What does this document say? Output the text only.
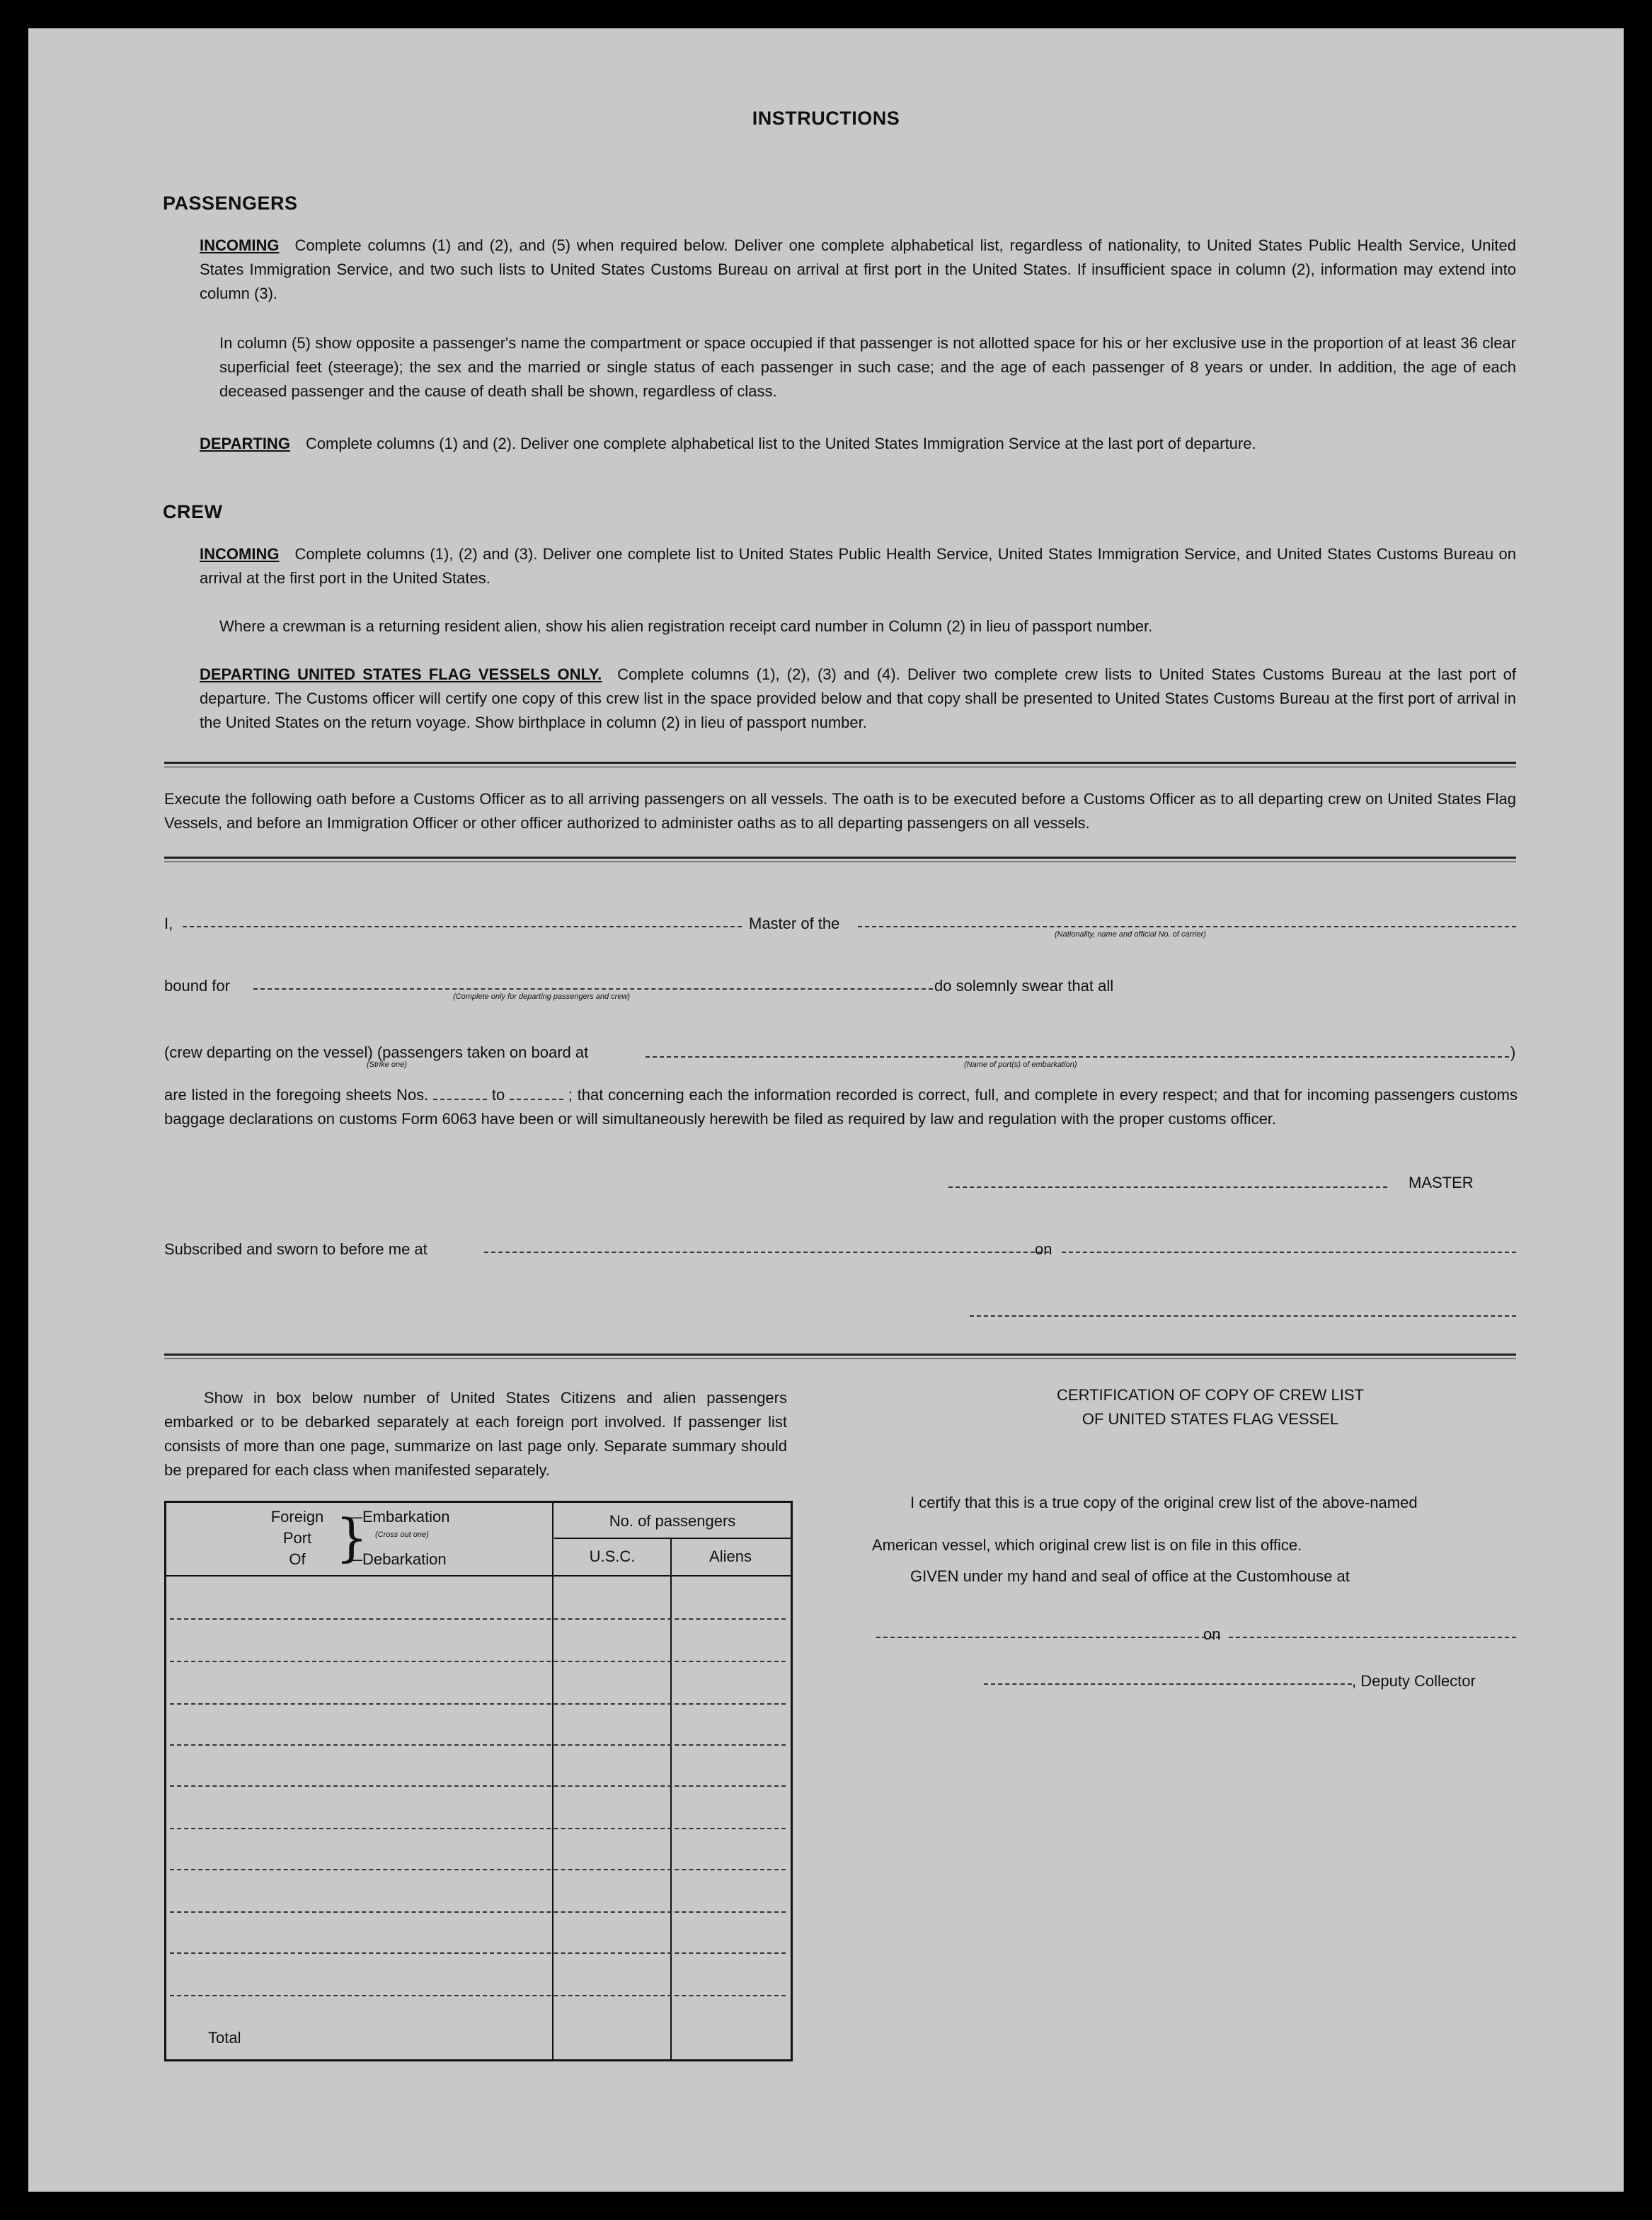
INSTRUCTIONS
PASSENGERS
INCOMING Complete columns (1) and (2), and (5) when required below. Deliver one complete alphabetical list, regardless of nationality, to United States Public Health Service, United States Immigration Service, and two such lists to United States Customs Bureau on arrival at first port in the United States. If insufficient space in column (2), information may extend into column (3).
In column (5) show opposite a passenger's name the compartment or space occupied if that passenger is not allotted space for his or her exclusive use in the proportion of at least 36 clear superficial feet (steerage); the sex and the married or single status of each passenger in such case; and the age of each passenger of 8 years or under. In addition, the age of each deceased passenger and the cause of death shall be shown, regardless of class.
DEPARTING Complete columns (1) and (2). Deliver one complete alphabetical list to the United States Immigration Service at the last port of departure.
CREW
INCOMING Complete columns (1), (2) and (3). Deliver one complete list to United States Public Health Service, United States Immigration Service, and United States Customs Bureau on arrival at the first port in the United States.
Where a crewman is a returning resident alien, show his alien registration receipt card number in Column (2) in lieu of passport number.
DEPARTING UNITED STATES FLAG VESSELS ONLY. Complete columns (1), (2), (3) and (4). Deliver two complete crew lists to United States Customs Bureau at the last port of departure. The Customs officer will certify one copy of this crew list in the space provided below and that copy shall be presented to United States Customs Bureau at the first port of arrival in the United States on the return voyage. Show birthplace in column (2) in lieu of passport number.
Execute the following oath before a Customs Officer as to all arriving passengers on all vessels. The oath is to be executed before a Customs Officer as to all departing crew on United States Flag Vessels, and before an Immigration Officer or other officer authorized to administer oaths as to all departing passengers on all vessels.
I,	Master of the
(Nationality, name and official No. of carrier)
bound for
(Complete only for departing passengers and crew)
do solemnly swear that all
(crew departing on the vessel) (passengers taken on board at
(Strike one)	(Name of port(s) of embarkation)
)
are listed in the foregoing sheets Nos.	to	; that concerning each the information recorded is correct, full, and complete in every respect; and that for incoming passengers customs baggage declarations on customs Form 6063 have been or will simultaneously herewith be filed as required by law and regulation with the proper customs officer.
MASTER
Subscribed and sworn to before me at	on
Show in box below number of United States Citizens and alien passengers embarked or to be debarked separately at each foreign port involved. If passenger list consists of more than one page, summarize on last page only. Separate summary should be prepared for each class when manifested separately.
Foreign
Port
Of }
—Embarkation
(Cross out one)
—Debarkation
No. of passengers
U.S.C.	Aliens
Total
CERTIFICATION OF COPY OF CREW LIST
OF UNITED STATES FLAG VESSEL
I certify that this is a true copy of the original crew list of the above-named
American vessel, which original crew list is on file in this office.
GIVEN under my hand and seal of office at the Customhouse at
on
, Deputy Collector
